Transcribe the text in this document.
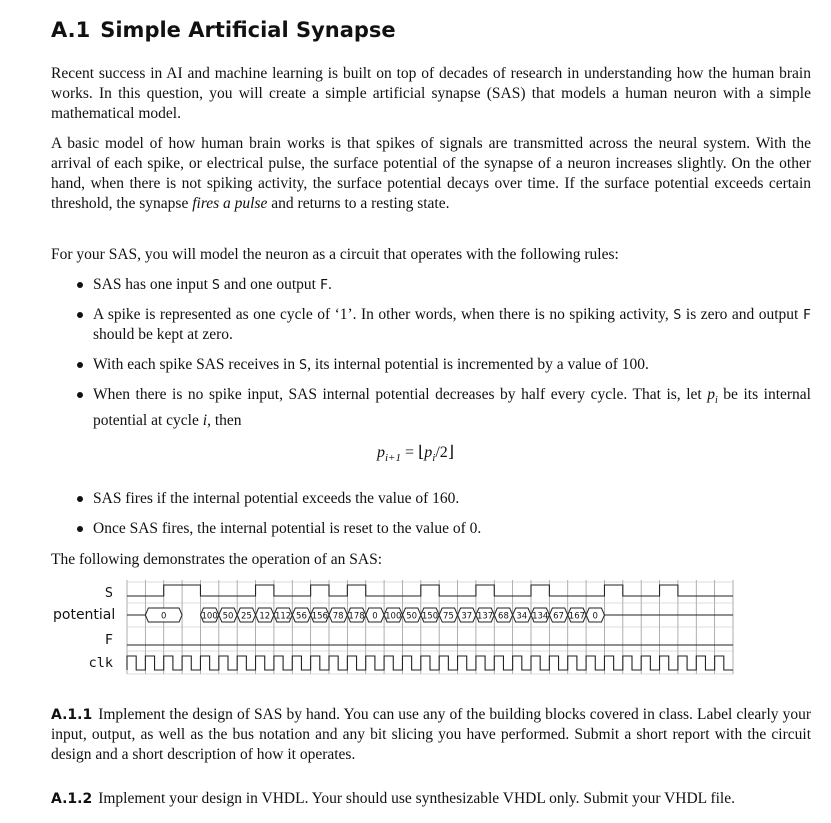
A.1 Simple Artificial Synapse

Recent success in AI and machine learning is built on top of decades of research in understanding how the human brain works. In this question, you will create a simple artificial synapse (SAS) that models a human neuron with a simple mathematical model.

A basic model of how human brain works is that spikes of signals are transmitted across the neural system. With the arrival of each spike, or electrical pulse, the surface potential of the synapse of a neuron increases slightly. On the other hand, when there is not spiking activity, the surface potential decays over time. If the surface potential exceeds certain threshold, the synapse fires a pulse and returns to a resting state.

For your SAS, you will model the neuron as a circuit that operates with the following rules:

SAS has one input S and one output F.

A spike is represented as one cycle of ‘1’. In other words, when there is no spiking activity, S is zero and output F should be kept at zero.

With each spike SAS receives in S, its internal potential is incremented by a value of 100.

When there is no spike input, SAS internal potential decreases by half every cycle. That is, let $p_i$ be its internal potential at cycle i, then

$p_{i+1}$ = $⌊p_i/2⌋$

SAS fires if the internal potential exceeds the value of 160.

Once SAS fires, the internal potential is reset to the value of 0.

The following demonstrates the operation of an SAS:

S
potential
F
clk
0	100 50 25 12 112 56 156 78 178 0 100 50 150 75 37 137 68 34 134 67 167 0

A.1.1 Implement the design of SAS by hand. You can use any of the building blocks covered in class. Label clearly your input, output, as well as the bus notation and any bit slicing you have performed. Submit a short report with the circuit design and a short description of how it operates.

A.1.2 Implement your design in VHDL. Your should use synthesizable VHDL only. Submit your VHDL file.
